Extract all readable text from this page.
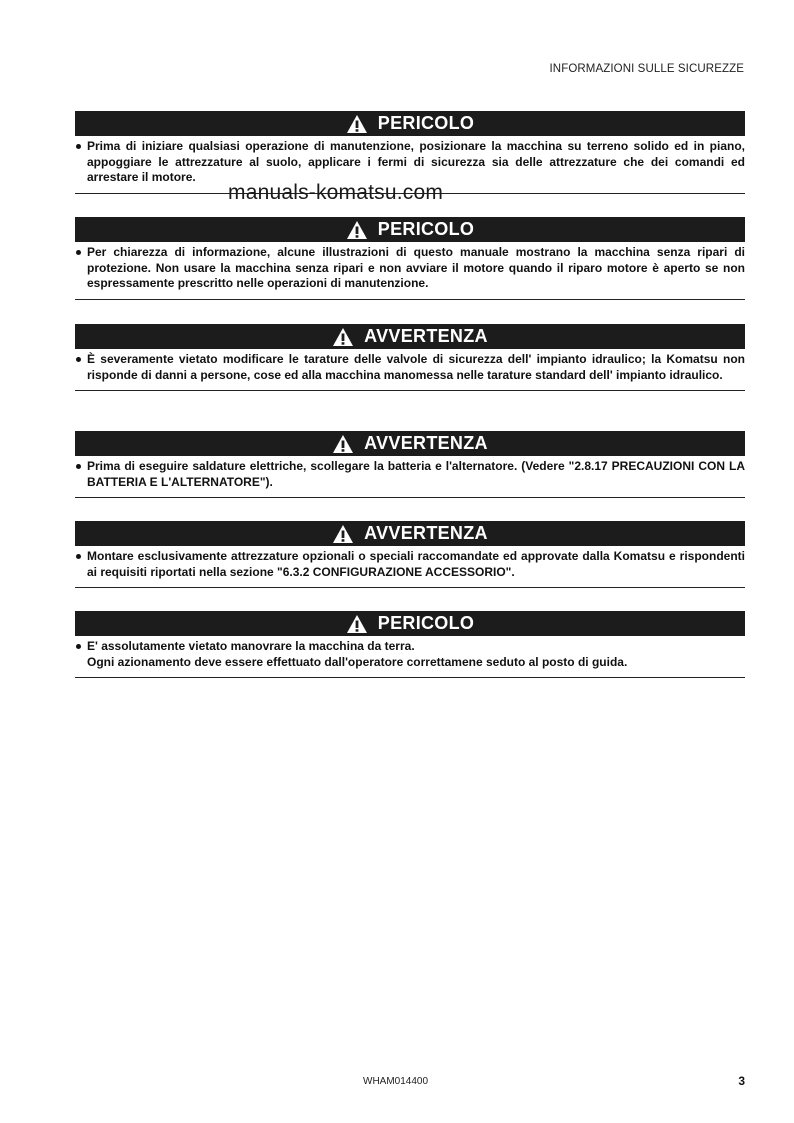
INFORMAZIONI SULLE SICUREZZE
manuals-komatsu.com
PERICOLO
Prima di iniziare qualsiasi operazione di manutenzione, posizionare la macchina su terreno solido ed in piano, appoggiare le attrezzature al suolo, applicare i fermi di sicurezza sia delle attrezzature che dei comandi ed arrestare il motore.
PERICOLO
Per chiarezza di informazione, alcune illustrazioni di questo manuale mostrano la macchina senza ripari di protezione. Non usare la macchina senza ripari e non avviare il motore quando il riparo motore è aperto se non espressamente prescritto nelle operazioni di manutenzione.
AVVERTENZA
È severamente vietato modificare le tarature delle valvole di sicurezza dell' impianto idraulico; la Komatsu non risponde di danni a persone, cose ed alla macchina manomessa nelle tarature standard dell' impianto idraulico.
AVVERTENZA
Prima di eseguire saldature elettriche, scollegare la batteria e l'alternatore. (Vedere "2.8.17 PRECAUZIONI CON LA BATTERIA E L'ALTERNATORE").
AVVERTENZA
Montare esclusivamente attrezzature opzionali o speciali raccomandate ed approvate dalla Komatsu e rispondenti ai requisiti riportati nella sezione "6.3.2 CONFIGURAZIONE ACCESSORIO".
PERICOLO
E' assolutamente vietato manovrare la macchina da terra.
Ogni azionamento deve essere effettuato dall'operatore correttamene seduto al posto di guida.
WHAM014400	3
